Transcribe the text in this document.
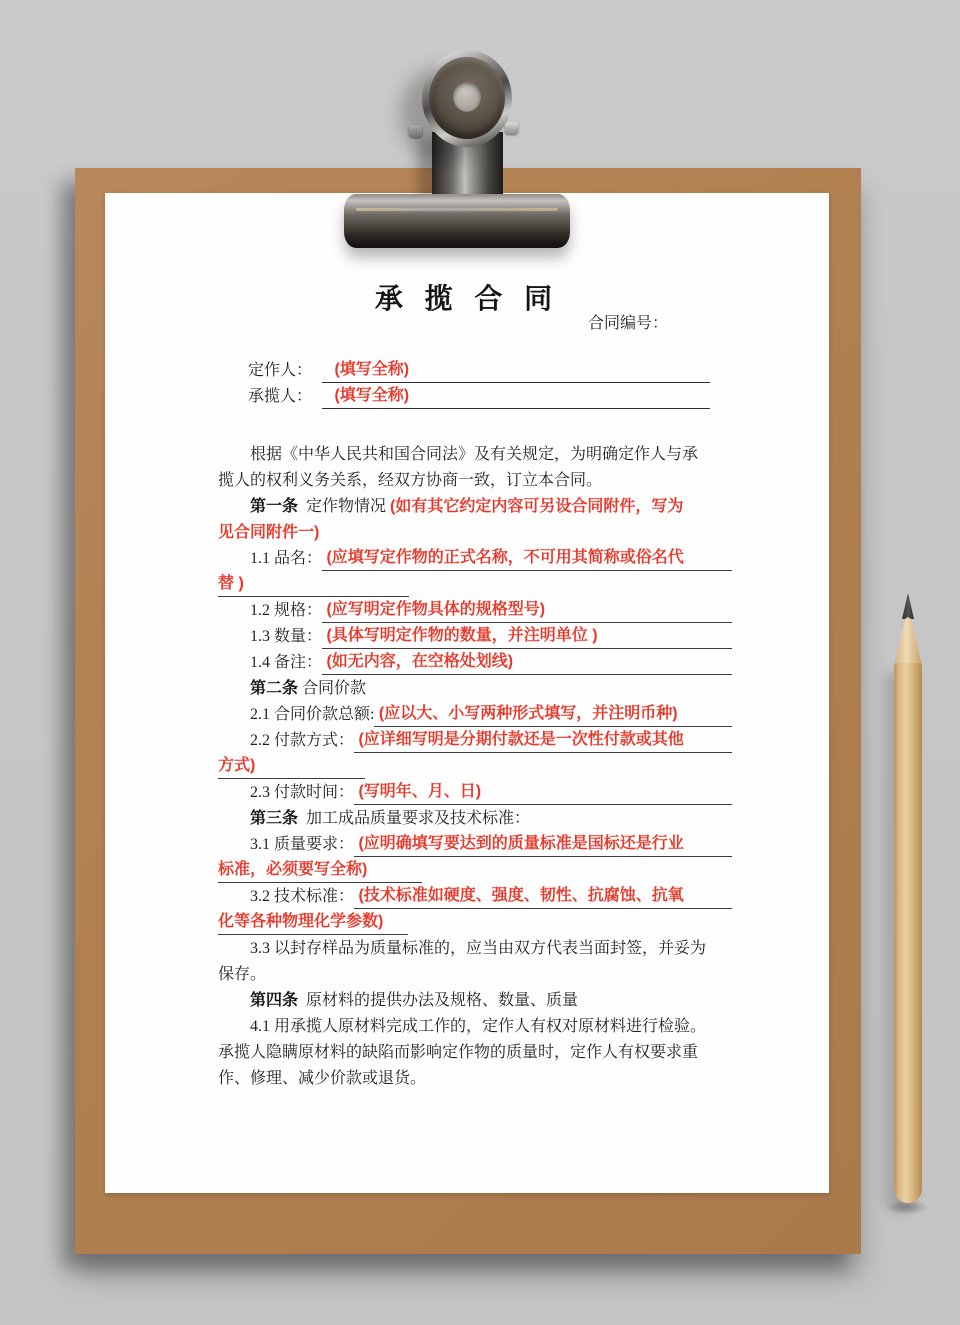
承 揽 合 同
合同编号：
定作人：	(填写全称)
承揽人：	(填写全称)
根据《中华人民共和国合同法》及有关规定，为明确定作人与承
揽人的权利义务关系，经双方协商一致，订立本合同。
第一条 定作物情况 (如有其它约定内容可另设合同附件，写为
见合同附件一)
1.1 品名： (应填写定作物的正式名称，不可用其简称或俗名代
替 )
1.2 规格： (应写明定作物具体的规格型号)
1.3 数量： (具体写明定作物的数量，并注明单位 )
1.4 备注： (如无内容，在空格处划线)
第二条 合同价款
2.1 合同价款总额: (应以大、小写两种形式填写，并注明币种)
2.2 付款方式： (应详细写明是分期付款还是一次性付款或其他
方式)
2.3 付款时间： (写明年、月、日)
第三条 加工成品质量要求及技术标准：
3.1 质量要求： (应明确填写要达到的质量标准是国标还是行业
标准，必须要写全称)
3.2 技术标准： (技术标准如硬度、强度、韧性、抗腐蚀、抗氧
化等各种物理化学参数)
3.3 以封存样品为质量标准的，应当由双方代表当面封签，并妥为
保存。
第四条 原材料的提供办法及规格、数量、质量
4.1 用承揽人原材料完成工作的，定作人有权对原材料进行检验。
承揽人隐瞒原材料的缺陷而影响定作物的质量时，定作人有权要求重
作、修理、减少价款或退货。
